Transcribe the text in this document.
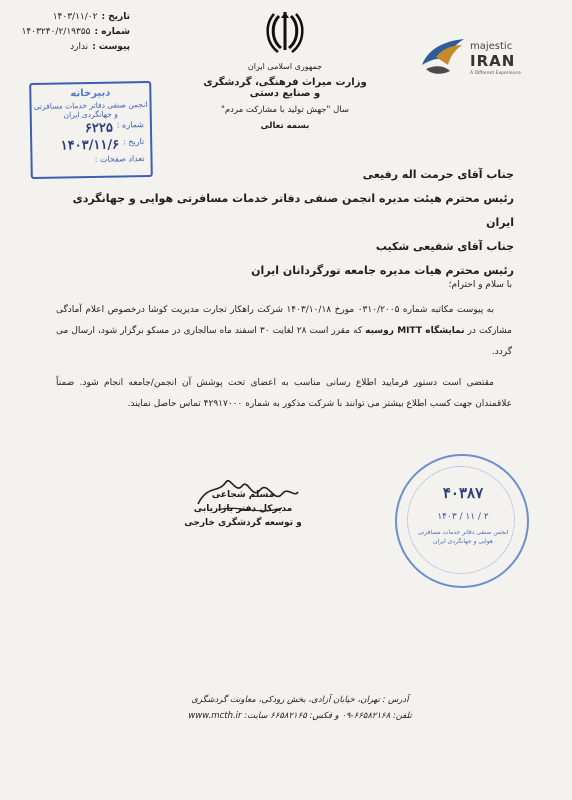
تاریخ :
۱۴۰۳/۱۱/۰۲
شماره :
۱۴۰۳۲۴۰/۲/۱۹۳۵۵
پیوست :
ندارد
جمهوری اسلامی ایران
وزارت میراث فرهنگی، گردشگری و صنایع دستی
سال "جهش تولید با مشارکت مردم"
بسمه تعالی
majestic
IRAN
A Different Experience
دبیرخانه
انجمن صنفی دفاتر خدمات مسافرتی و جهانگردی ایران
شماره :
۶۲۲۵
تاریخ :
۱۴۰۳/۱۱/۶
تعداد صفحات :
جناب آقای حرمت اله رفیعی
رئیس محترم هیئت مدیره انجمن صنفی دفاتر خدمات مسافرتی هوایی و جهانگردی ایران
جناب آقای شفیعی شکیب
رئیس محترم هیات مدیره جامعه تورگردانان ایران

با سلام و احترام؛

به پیوست مکاتبه شماره ۰۳۱۰/۲۰۰۵ مورخ ۱۴۰۳/۱۰/۱۸ شرکت راهکار تجارت مدیریت کوشا درخصوص اعلام آمادگی مشارکت در نمایشگاه MITT روسیه که مقرر است ۲۸ لغایت ۳۰ اسفند ماه سالجاری در مسکو برگزار شود، ارسال می گردد.

مقتضی است دستور فرمایید اطلاع رسانی مناسب به اعضای تحت پوشش آن انجمن/جامعه انجام شود. ضمناً علاقمندان جهت کسب اطلاع بیشتر می توانند با شرکت مذکور به شماره ۴۲۹۱۷۰۰۰ تماس حاصل نمایند.

مسلم شجاعی
مدیرکل دفتر بازاریابی
و توسعه گردشگری خارجی
۴۰۳۸۷
۱۴۰۳ / ۱۱ / ۲
انجمن صنفی دفاتر خدمات مسافرتی هوایی و جهانگردی ایران
آدرس : تهران، خیابان آزادی، بخش رودکی، معاونت گردشگری
تلفن: ۶۶۵۸۲۱۶۸-۰۹ و فکس: ۶۶۵۸۲۱۶۵ سایت: www.mcth.ir
